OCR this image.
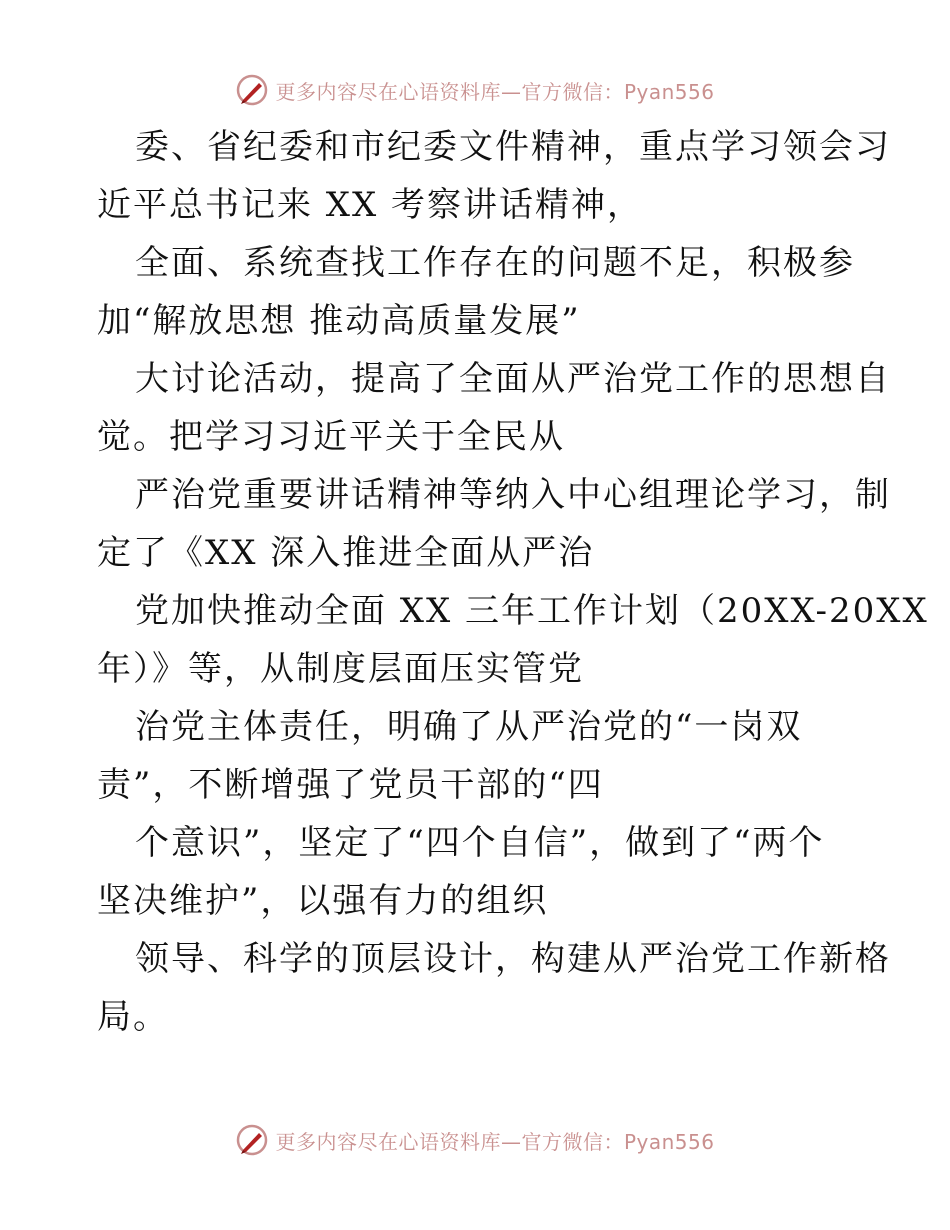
更多内容尽在心语资料库—官方微信：Pyan556
委、省纪委和市纪委文件精神，重点学习领会习
近平总书记来 XX 考察讲话精神，
全面、系统查找工作存在的问题不足，积极参
加“解放思想 推动高质量发展”
大讨论活动，提高了全面从严治党工作的思想自
觉。把学习习近平关于全民从
严治党重要讲话精神等纳入中心组理论学习，制
定了《XX 深入推进全面从严治
党加快推动全面 XX 三年工作计划（20XX-20XX
年）》等，从制度层面压实管党
治党主体责任，明确了从严治党的“一岗双
责”，不断增强了党员干部的“四
个意识”，坚定了“四个自信”，做到了“两个
坚决维护”，以强有力的组织
领导、科学的顶层设计，构建从严治党工作新格
局。
更多内容尽在心语资料库—官方微信：Pyan556
